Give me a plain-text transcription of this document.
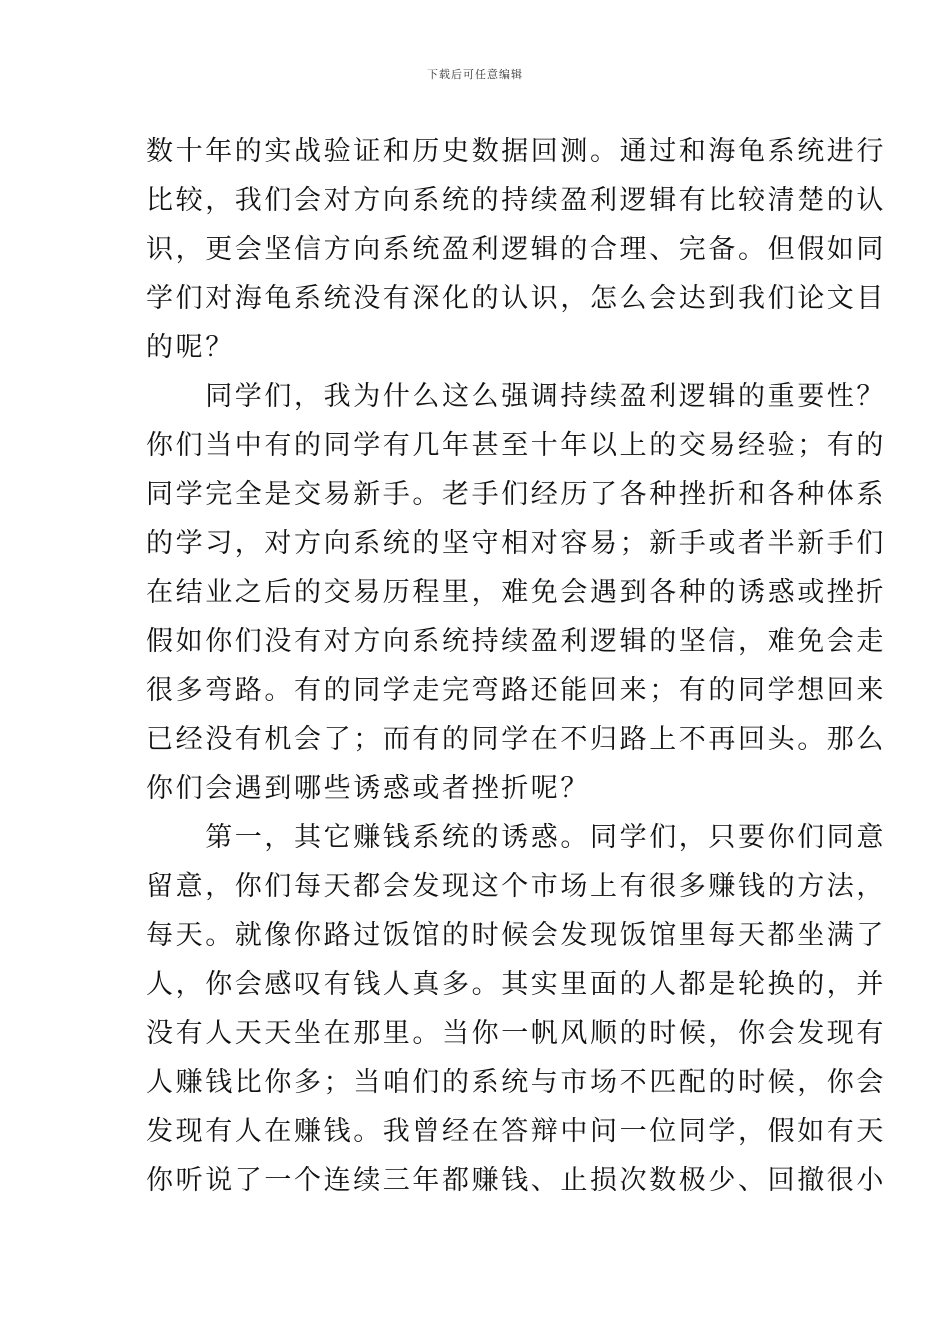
下载后可任意编辑
数十年的实战验证和历史数据回测。通过和海龟系统进行
比较，我们会对方向系统的持续盈利逻辑有比较清楚的认
识，更会坚信方向系统盈利逻辑的合理、完备。但假如同
学们对海龟系统没有深化的认识，怎么会达到我们论文目
的呢？
　　同学们，我为什么这么强调持续盈利逻辑的重要性？
你们当中有的同学有几年甚至十年以上的交易经验；有的
同学完全是交易新手。老手们经历了各种挫折和各种体系
的学习，对方向系统的坚守相对容易；新手或者半新手们
在结业之后的交易历程里，难免会遇到各种的诱惑或挫折
假如你们没有对方向系统持续盈利逻辑的坚信，难免会走
很多弯路。有的同学走完弯路还能回来；有的同学想回来
已经没有机会了；而有的同学在不归路上不再回头。那么
你们会遇到哪些诱惑或者挫折呢？
　　第一，其它赚钱系统的诱惑。同学们，只要你们同意
留意，你们每天都会发现这个市场上有很多赚钱的方法，
每天。就像你路过饭馆的时候会发现饭馆里每天都坐满了
人，你会感叹有钱人真多。其实里面的人都是轮换的，并
没有人天天坐在那里。当你一帆风顺的时候，你会发现有
人赚钱比你多；当咱们的系统与市场不匹配的时候，你会
发现有人在赚钱。我曾经在答辩中问一位同学，假如有天
你听说了一个连续三年都赚钱、止损次数极少、回撤很小
